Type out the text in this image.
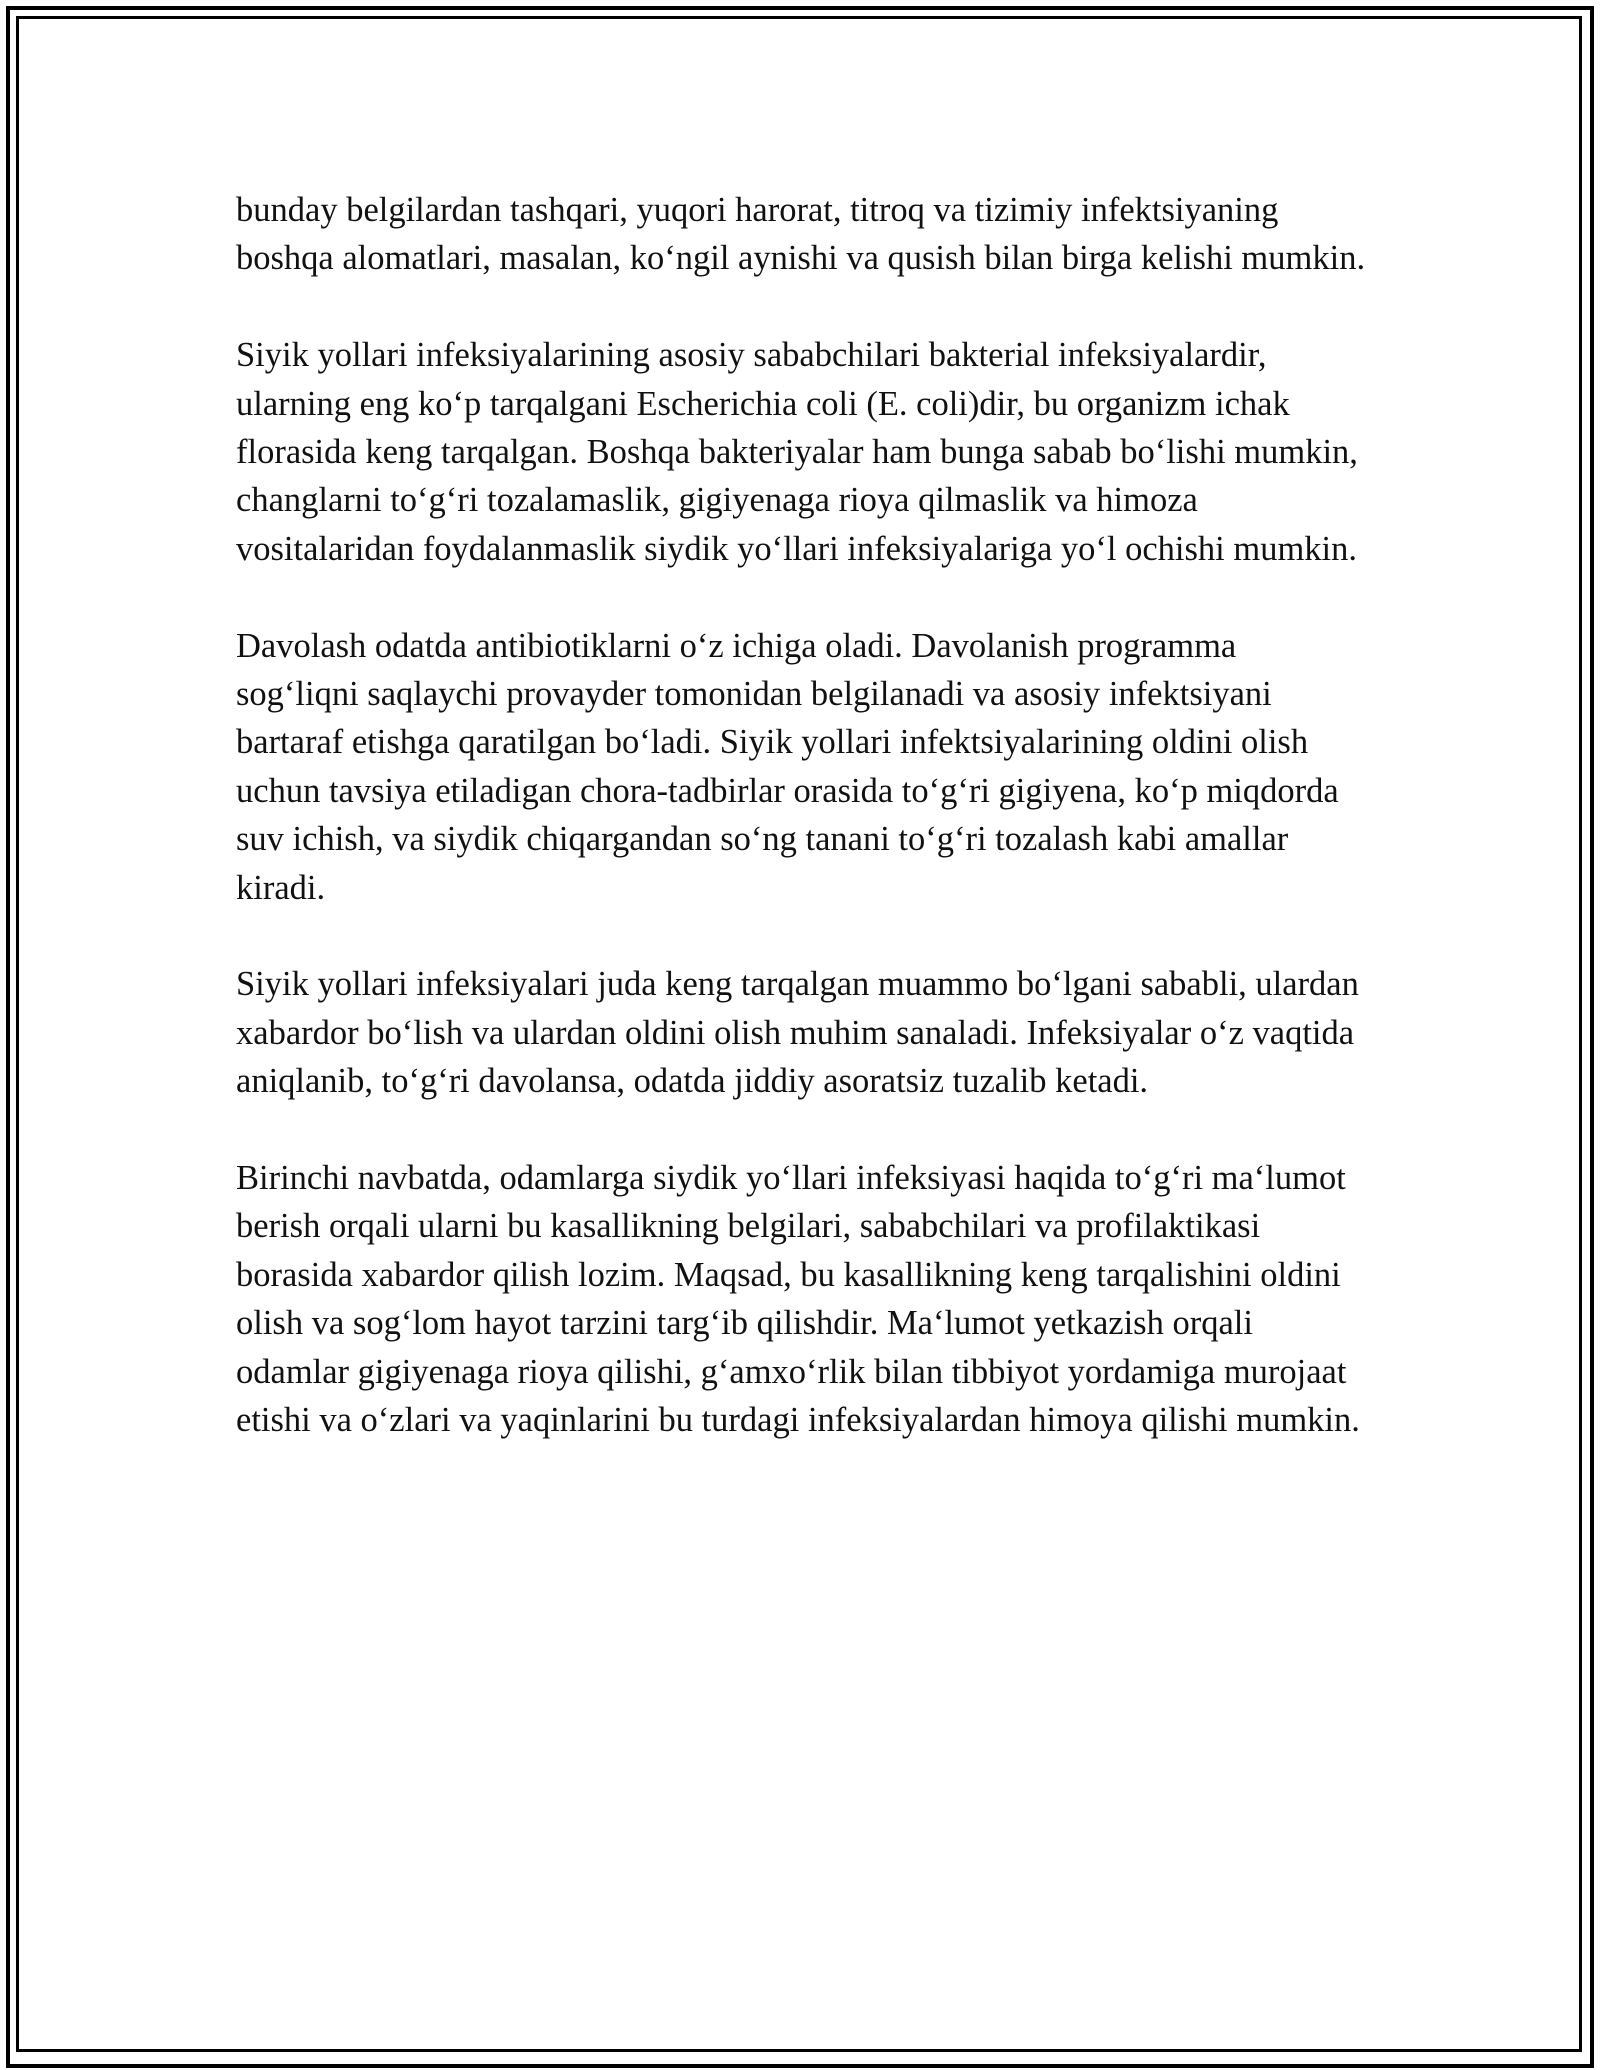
bunday belgilardan tashqari, yuqori harorat, titroq va tizimiy infektsiyaning boshqa alomatlari, masalan, ko‘ngil aynishi va qusish bilan birga kelishi mumkin.

Siyik yollari infeksiyalarining asosiy sababchilari bakterial infeksiyalardir, ularning eng ko‘p tarqalgani Escherichia coli (E. coli)dir, bu organizm ichak florasida keng tarqalgan. Boshqa bakteriyalar ham bunga sabab bo‘lishi mumkin, changlarni to‘g‘ri tozalamaslik, gigiyenaga rioya qilmaslik va himoza vositalaridan foydalanmaslik siydik yo‘llari infeksiyalariga yo‘l ochishi mumkin.

Davolash odatda antibiotiklarni o‘z ichiga oladi. Davolanish programma sog‘liqni saqlaychi provayder tomonidan belgilanadi va asosiy infektsiyani bartaraf etishga qaratilgan bo‘ladi. Siyik yollari infektsiyalarining oldini olish uchun tavsiya etiladigan chora-tadbirlar orasida to‘g‘ri gigiyena, ko‘p miqdorda suv ichish, va siydik chiqargandan so‘ng tanani to‘g‘ri tozalash kabi amallar kiradi.

Siyik yollari infeksiyalari juda keng tarqalgan muammo bo‘lgani sababli, ulardan xabardor bo‘lish va ulardan oldini olish muhim sanaladi. Infeksiyalar o‘z vaqtida aniqlanib, to‘g‘ri davolansa, odatda jiddiy asoratsiz tuzalib ketadi.

Birinchi navbatda, odamlarga siydik yo‘llari infeksiyasi haqida to‘g‘ri ma‘lumot berish orqali ularni bu kasallikning belgilari, sababchilari va profilaktikasi borasida xabardor qilish lozim. Maqsad, bu kasallikning keng tarqalishini oldini olish va sog‘lom hayot tarzini targ‘ib qilishdir. Ma‘lumot yetkazish orqali odamlar gigiyenaga rioya qilishi, g‘amxo‘rlik bilan tibbiyot yordamiga murojaat etishi va o‘zlari va yaqinlarini bu turdagi infeksiyalardan himoya qilishi mumkin.
